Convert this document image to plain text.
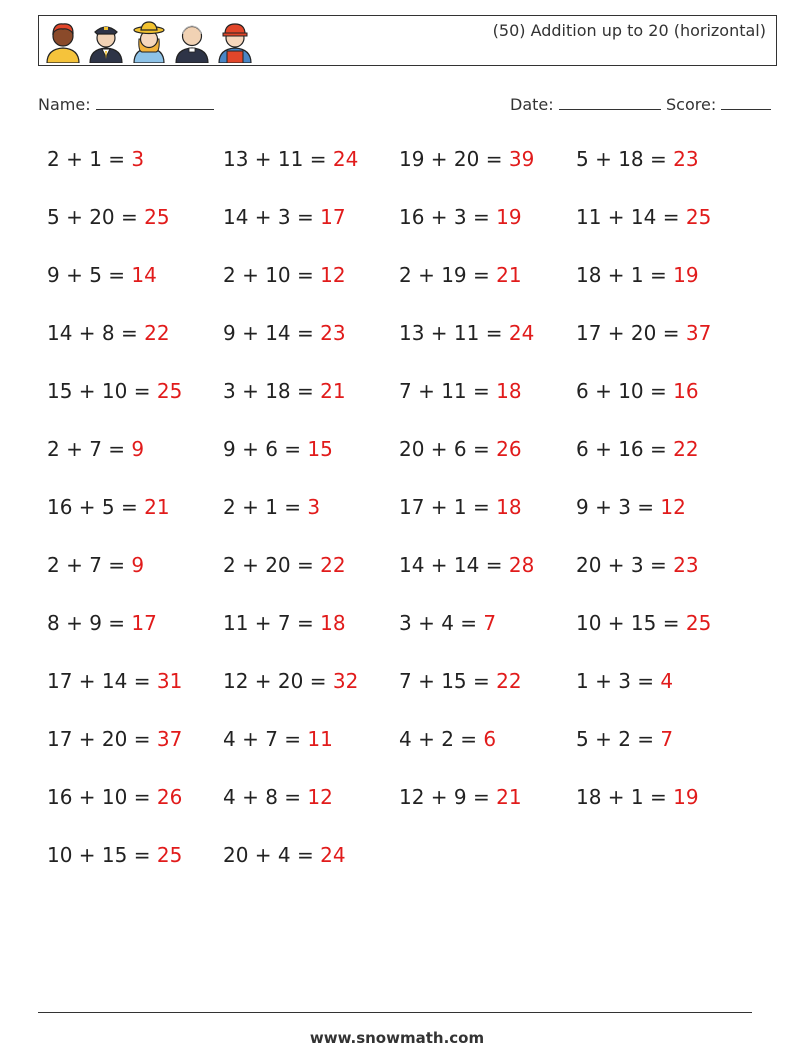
(50) Addition up to 20 (horizontal)
Name:	Date:	Score:
2 + 1 = 3	13 + 11 = 24 19 + 20 = 39 5 + 18 = 23
5 + 20 = 25	14 + 3 = 17	16 + 3 = 19	11 + 14 = 25
9 + 5 = 14	2 + 10 = 12	2 + 19 = 21	18 + 1 = 19
14 + 8 = 22	9 + 14 = 23	13 + 11 = 24 17 + 20 = 37
15 + 10 = 25 3 + 18 = 21	7 + 11 = 18	6 + 10 = 16
2 + 7 = 9	9 + 6 = 15	20 + 6 = 26	6 + 16 = 22
16 + 5 = 21	2 + 1 = 3	17 + 1 = 18	9 + 3 = 12
2 + 7 = 9	2 + 20 = 22	14 + 14 = 28 20 + 3 = 23
8 + 9 = 17	11 + 7 = 18	3 + 4 = 7	10 + 15 = 25
17 + 14 = 31 12 + 20 = 32 7 + 15 = 22	1 + 3 = 4
17 + 20 = 37 4 + 7 = 11	4 + 2 = 6	5 + 2 = 7
16 + 10 = 26 4 + 8 = 12	12 + 9 = 21	18 + 1 = 19
10 + 15 = 25 20 + 4 = 24
www.snowmath.com
